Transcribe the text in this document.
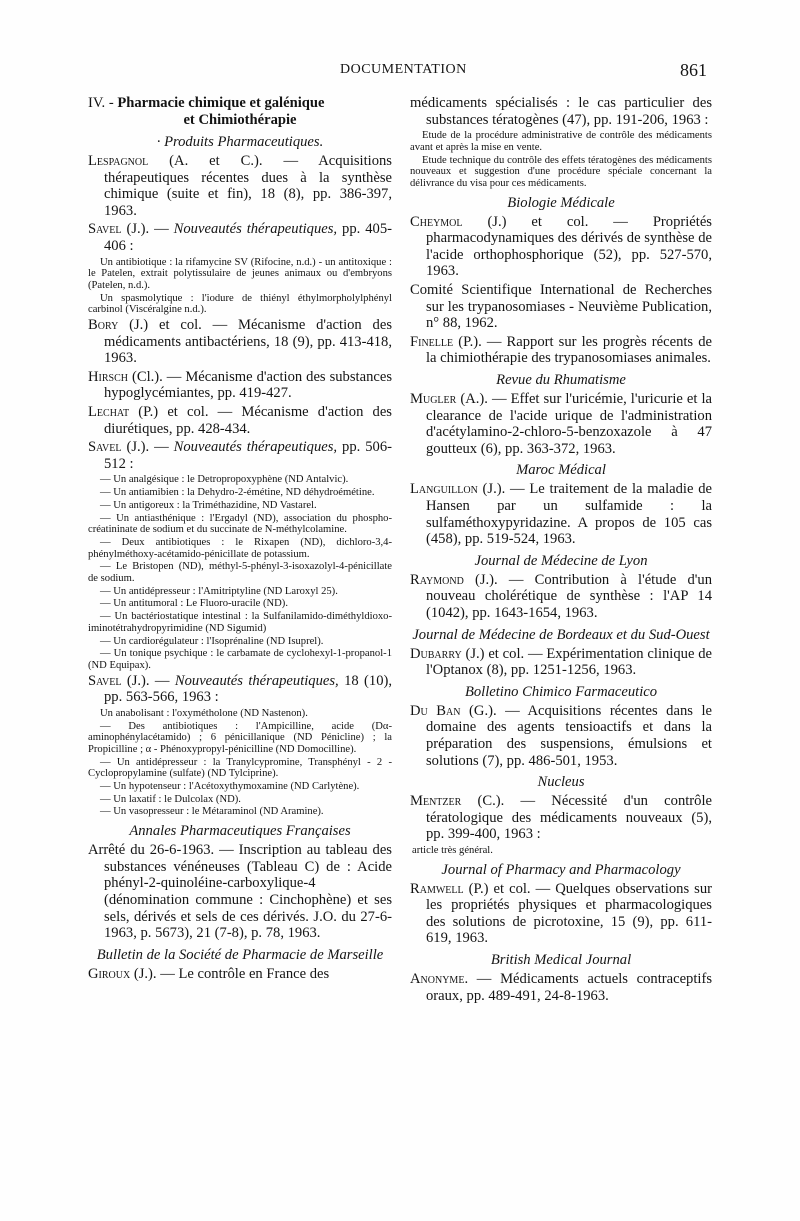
DOCUMENTATION	861
IV. - Pharmacie chimique et galénique
et Chimiothérapie
· Produits Pharmaceutiques.
Lespagnol (A. et C.). — Acquisitions thérapeutiques récentes dues à la synthèse chimique (suite et fin), 18 (8), pp. 386-397, 1963.
Savel (J.). — Nouveautés thérapeutiques, pp. 405-406 :
Un antibiotique : la rifamycine SV (Rifocine, n.d.) - un antitoxique : le Patelen, extrait polytissulaire de jeunes animaux ou d'embryons (Patelen, n.d.).
Un spasmolytique : l'iodure de thiényl éthylmorpholylphényl carbinol (Viscéralgine n.d.).
Bory (J.) et col. — Mécanisme d'action des médicaments antibactériens, 18 (9), pp. 413-418, 1963.
Hirsch (Cl.). — Mécanisme d'action des substances hypoglycémiantes, pp. 419-427.
Lechat (P.) et col. — Mécanisme d'action des diurétiques, pp. 428-434.
Savel (J.). — Nouveautés thérapeutiques, pp. 506-512 :
— Un analgésique : le Detropropoxyphène (ND Antalvic).
— Un antiamibien : la Dehydro-2-émétine, ND déhydroémétine.
— Un antigoreux : la Triméthazidine, ND Vastarel.
— Un antiasthénique : l'Ergadyl (ND), association du phospho-créatininate de sodium et du succinate de N-méthylcolamine.
— Deux antibiotiques : le Rixapen (ND), dichloro-3,4-phénylméthoxy-acétamido-pénicillate de potassium.
— Le Bristopen (ND), méthyl-5-phényl-3-isoxazolyl-4-pénicillate de sodium.
— Un antidépresseur : l'Amitriptyline (ND Laroxyl 25).
— Un antitumoral : Le Fluoro-uracile (ND).
— Un bactériostatique intestinal : la Sulfanilamido-diméthyldioxo-iminotétrahydropyrimidine (ND Sigumid)
— Un cardiorégulateur : l'Isoprénaline (ND Isuprel).
— Un tonique psychique : le carbamate de cyclohexyl-1-propanol-1 (ND Equipax).
Savel (J.). — Nouveautés thérapeutiques, 18 (10), pp. 563-566, 1963 :
Un anabolisant : l'oxymétholone (ND Nastenon).
— Des antibiotiques : l'Ampicilline, acide (Dα-aminophénylacétamido) ; 6 pénicillanique (ND Pénicline) ; la Propicilline ; α - Phénoxypropyl-pénicilline (ND Domocilline).
— Un antidépresseur : la Tranylcypromine, Transphényl - 2 - Cyclopropylamine (sulfate) (ND Tylciprine).
— Un hypotenseur : l'Acétoxythymoxamine (ND Carlytène).
— Un laxatif : le Dulcolax (ND).
— Un vasopresseur : le Métaraminol (ND Aramine).
Annales Pharmaceutiques Françaises
Arrêté du 26-6-1963. — Inscription au tableau des substances vénéneuses (Tableau C) de : Acide phényl-2-quinoléine-carboxylique-4 (dénomination commune : Cinchophène) et ses sels, dérivés et sels de ces dérivés. J.O. du 27-6-1963, p. 5673), 21 (7-8), p. 78, 1963.
Bulletin de la Société de Pharmacie de Marseille
Giroux (J.). — Le contrôle en France des
médicaments spécialisés : le cas particulier des substances tératogènes (47), pp. 191-206, 1963 :
Etude de la procédure administrative de contrôle des médicaments avant et après la mise en vente.
Etude technique du contrôle des effets tératogènes des médicaments nouveaux et suggestion d'une procédure spéciale concernant la délivrance du visa pour ces médicaments.
Biologie Médicale
Cheymol (J.) et col. — Propriétés pharmacodynamiques des dérivés de synthèse de l'acide orthophosphorique (52), pp. 527-570, 1963.
Comité Scientifique International de Recherches sur les trypanosomiases - Neuvième Publication, n° 88, 1962.
Finelle (P.). — Rapport sur les progrès récents de la chimiothérapie des trypanosomiases animales.
Revue du Rhumatisme
Mugler (A.). — Effet sur l'uricémie, l'uricurie et la clearance de l'acide urique de l'administration d'acétylamino-2-chloro-5-benzoxazole à 47 goutteux (6), pp. 363-372, 1963.
Maroc Médical
Languillon (J.). — Le traitement de la maladie de Hansen par un sulfamide : la sulfaméthoxypyridazine. A propos de 105 cas (458), pp. 519-524, 1963.
Journal de Médecine de Lyon
Raymond (J.). — Contribution à l'étude d'un nouveau cholérétique de synthèse : l'AP 14 (1042), pp. 1643-1654, 1963.
Journal de Médecine de Bordeaux et du Sud-Ouest
Dubarry (J.) et col. — Expérimentation clinique de l'Optanox (8), pp. 1251-1256, 1963.
Bolletino Chimico Farmaceutico
Du Ban (G.). — Acquisitions récentes dans le domaine des agents tensioactifs et dans la préparation des suspensions, émulsions et solutions (7), pp. 486-501, 1953.
Nucleus
Mentzer (C.). — Nécessité d'un contrôle tératologique des médicaments nouveaux (5), pp. 399-400, 1963 :
article très général.
Journal of Pharmacy and Pharmacology
Ramwell (P.) et col. — Quelques observations sur les propriétés physiques et pharmacologiques des solutions de picrotoxine, 15 (9), pp. 611-619, 1963.
British Medical Journal
Anonyme. — Médicaments actuels contraceptifs oraux, pp. 489-491, 24-8-1963.
